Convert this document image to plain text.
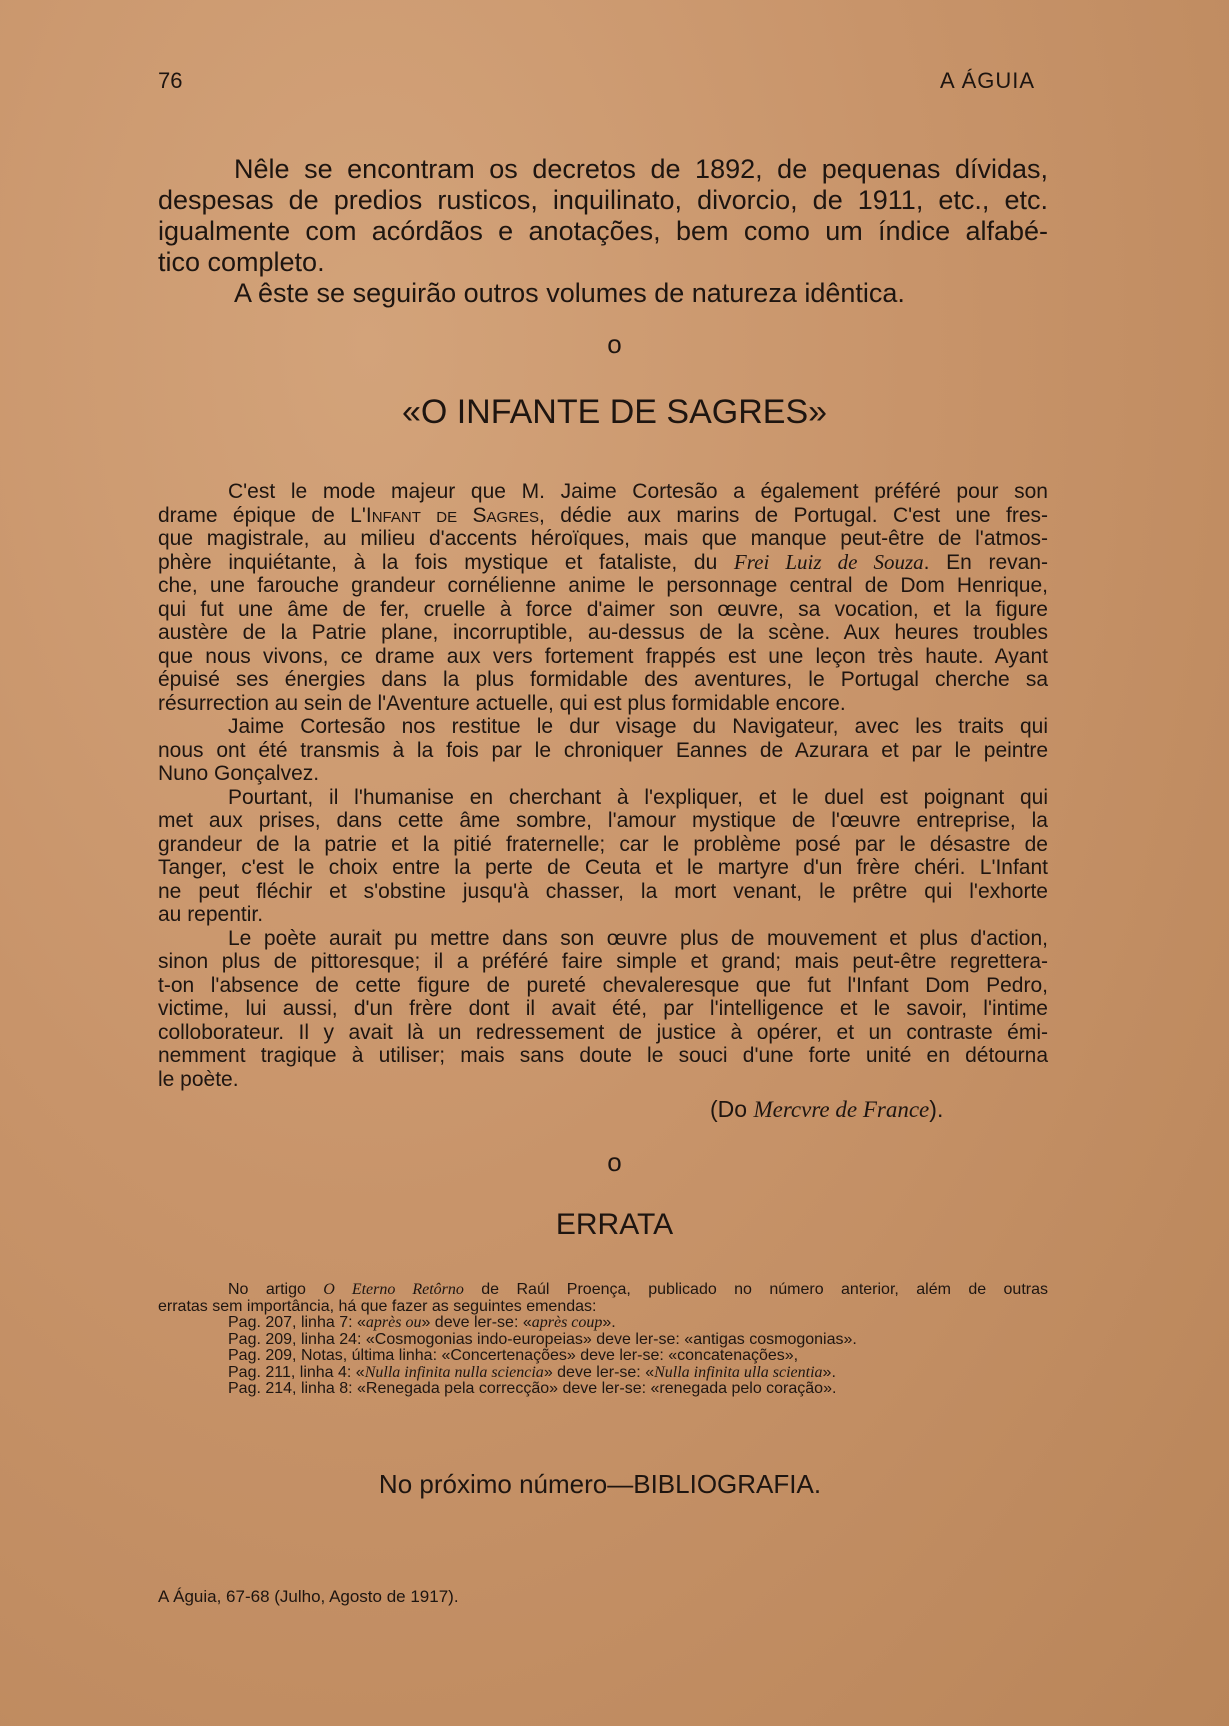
76	A ÁGUIA

Nêle se encontram os decretos de 1892, de pequenas dívidas,

despesas de predios rusticos, inquilinato, divorcio, de 1911, etc., etc.

igualmente com acórdãos e anotações, bem como um índice alfabé-

tico completo.

A êste se seguirão outros volumes de natureza idêntica.

o
«O INFANTE DE SAGRES»

C'est le mode majeur que M. Jaime Cortesão a également préféré pour son

drame épique de L'Infant de Sagres, dédie aux marins de Portugal. C'est une fres-

que magistrale, au milieu d'accents héroïques, mais que manque peut-être de l'atmos-

phère inquiétante, à la fois mystique et fataliste, du Frei Luiz de Souza. En revan-

che, une farouche grandeur cornélienne anime le personnage central de Dom Henrique,

qui fut une âme de fer, cruelle à force d'aimer son œuvre, sa vocation, et la figure

austère de la Patrie plane, incorruptible, au-dessus de la scène. Aux heures troubles

que nous vivons, ce drame aux vers fortement frappés est une leçon très haute. Ayant

épuisé ses énergies dans la plus formidable des aventures, le Portugal cherche sa

résurrection au sein de l'Aventure actuelle, qui est plus formidable encore.

Jaime Cortesão nos restitue le dur visage du Navigateur, avec les traits qui

nous ont été transmis à la fois par le chroniquer Eannes de Azurara et par le peintre

Nuno Gonçalvez.

Pourtant, il l'humanise en cherchant à l'expliquer, et le duel est poignant qui

met aux prises, dans cette âme sombre, l'amour mystique de l'œuvre entreprise, la

grandeur de la patrie et la pitié fraternelle; car le problème posé par le désastre de

Tanger, c'est le choix entre la perte de Ceuta et le martyre d'un frère chéri. L'Infant

ne peut fléchir et s'obstine jusqu'à chasser, la mort venant, le prêtre qui l'exhorte

au repentir.

Le poète aurait pu mettre dans son œuvre plus de mouvement et plus d'action,

sinon plus de pittoresque; il a préféré faire simple et grand; mais peut-être regrettera-

t-on l'absence de cette figure de pureté chevaleresque que fut l'Infant Dom Pedro,

victime, lui aussi, d'un frère dont il avait été, par l'intelligence et le savoir, l'intime

colloborateur. Il y avait là un redressement de justice à opérer, et un contraste émi-

nemment tragique à utiliser; mais sans doute le souci d'une forte unité en détourna

le poète.

(Do Mercvre de France).
o
ERRATA

No artigo O Eterno Retôrno de Raúl Proença, publicado no número anterior, além de outras

erratas sem importância, há que fazer as seguintes emendas:

Pag. 207, linha 7: «après ou» deve ler-se: «après coup».

Pag. 209, linha 24: «Cosmogonias indo-europeias» deve ler-se: «antigas cosmogonias».

Pag. 209, Notas, última linha: «Concertenações» deve ler-se: «concatenações»,

Pag. 211, linha 4: «Nulla infinita nulla sciencia» deve ler-se: «Nulla infinita ulla scientia».

Pag. 214, linha 8: «Renegada pela correcção» deve ler-se: «renegada pelo coração».

No próximo número—BIBLIOGRAFIA.
A Águia, 67-68 (Julho, Agosto de 1917).
